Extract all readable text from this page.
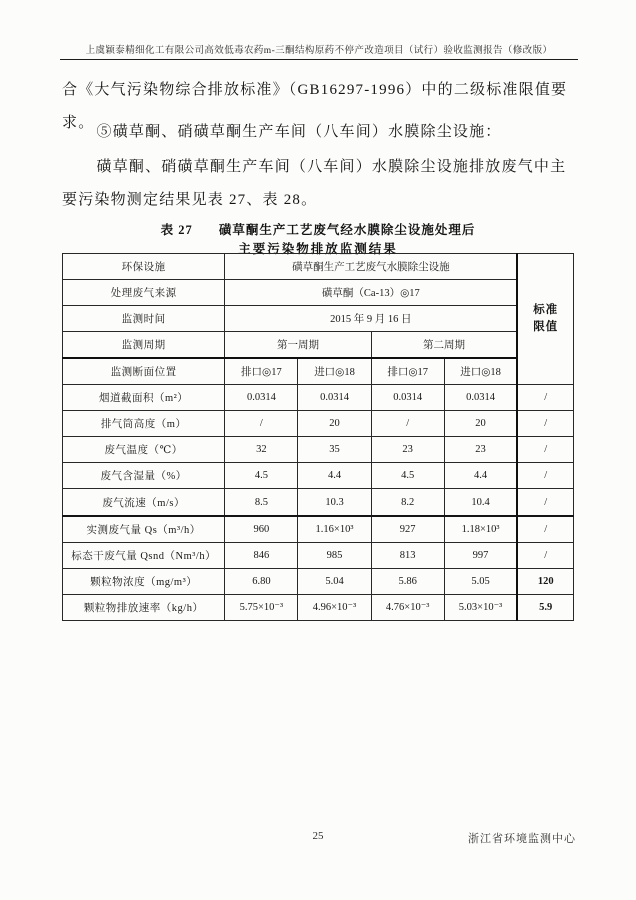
上虞颖泰精细化工有限公司高效低毒农药m-三酮结构原药不停产改造项目（试行）验收监测报告（修改版）
合《大气污染物综合排放标准》（GB16297-1996）中的二级标准限值要求。
⑤磺草酮、硝磺草酮生产车间（八车间）水膜除尘设施：
磺草酮、硝磺草酮生产车间（八车间）水膜除尘设施排放废气中主要污染物测定结果见表 27、表 28。
表 27 磺草酮生产工艺废气经水膜除尘设施处理后
主要污染物排放监测结果
环保设施	磺草酮生产工艺废气水膜除尘设施				标准
限值

处理废气来源	磺草酮（Ca-13）◎17				
监测时间	2015 年 9 月 16 日				
监测周期	第一周期		第二周期		
监测断面位置	排口◎17	进口◎18	排口◎17	进口◎18	
烟道截面积（m²）	0.0314	0.0314	0.0314	0.0314	/
排气筒高度（m）	/	20	/	20	/
废气温度（℃）	32	35	23	23	/
废气含湿量（%）	4.5	4.4	4.5	4.4	/
废气流速（m/s）	8.5	10.3	8.2	10.4	/
实测废气量 Qs（m³/h）	960	1.16×10³	927	1.18×10³	/
标态干废气量 Qsnd（Nm³/h）	846	985	813	997	/
颗粒物浓度（mg/m³）	6.80	5.04	5.86	5.05	120
颗粒物排放速率（kg/h）	5.75×10⁻³	4.96×10⁻³	4.76×10⁻³	5.03×10⁻³	5.9
25	浙江省环境监测中心
